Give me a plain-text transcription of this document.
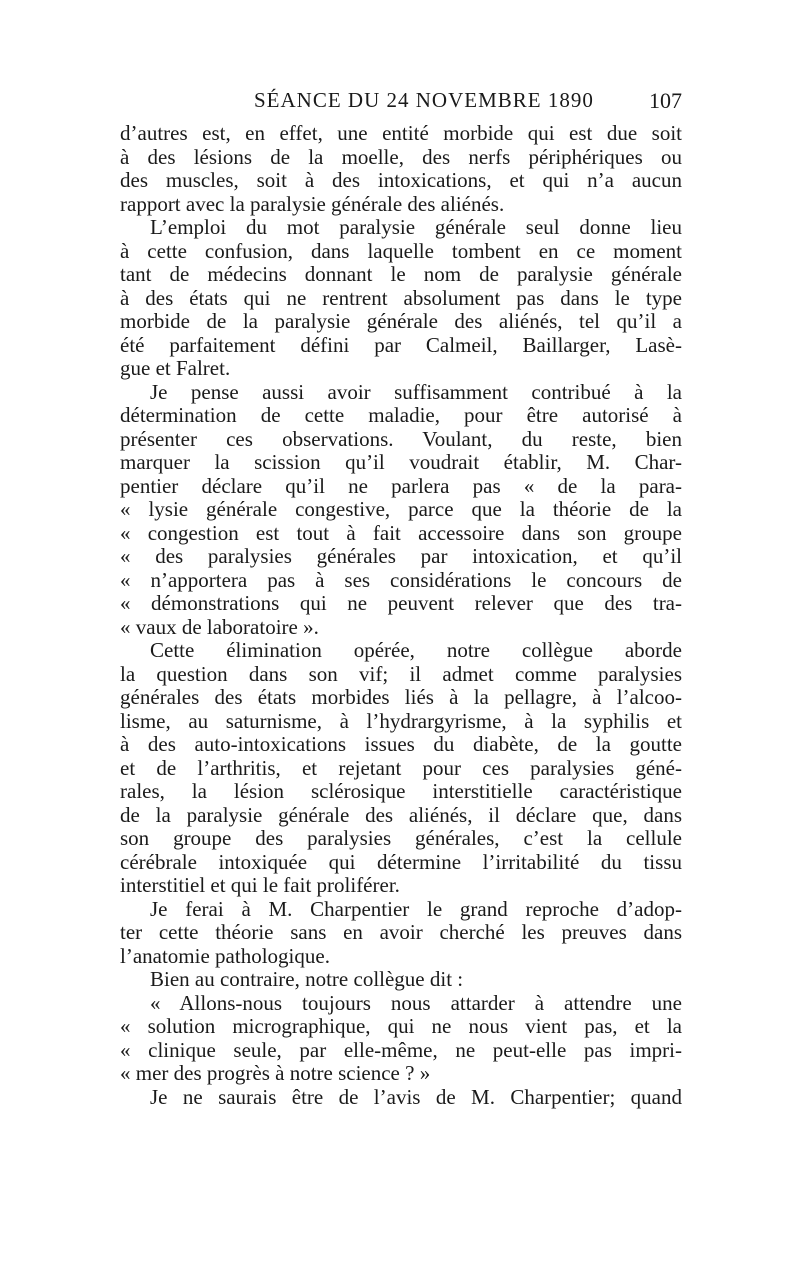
SÉANCE DU 24 NOVEMBRE 1890	107
d’autres est, en effet, une entité morbide qui est due soit
à des lésions de la moelle, des nerfs périphériques ou
des muscles, soit à des intoxications, et qui n’a aucun
rapport avec la paralysie générale des aliénés.
L’emploi du mot paralysie générale seul donne lieu
à cette confusion, dans laquelle tombent en ce moment
tant de médecins donnant le nom de paralysie générale
à des états qui ne rentrent absolument pas dans le type
morbide de la paralysie générale des aliénés, tel qu’il a
été parfaitement défini par Calmeil, Baillarger, Lasè-
gue et Falret.
Je pense aussi avoir suffisamment contribué à la
détermination de cette maladie, pour être autorisé à
présenter ces observations. Voulant, du reste, bien
marquer la scission qu’il voudrait établir, M. Char-
pentier déclare qu’il ne parlera pas « de la para-
« lysie générale congestive, parce que la théorie de la
« congestion est tout à fait accessoire dans son groupe
« des paralysies générales par intoxication, et qu’il
« n’apportera pas à ses considérations le concours de
« démonstrations qui ne peuvent relever que des tra-
« vaux de laboratoire ».
Cette élimination opérée, notre collègue aborde
la question dans son vif; il admet comme paralysies
générales des états morbides liés à la pellagre, à l’alcoo-
lisme, au saturnisme, à l’hydrargyrisme, à la syphilis et
à des auto-intoxications issues du diabète, de la goutte
et de l’arthritis, et rejetant pour ces paralysies géné-
rales, la lésion sclérosique interstitielle caractéristique
de la paralysie générale des aliénés, il déclare que, dans
son groupe des paralysies générales, c’est la cellule
cérébrale intoxiquée qui détermine l’irritabilité du tissu
interstitiel et qui le fait proliférer.
Je ferai à M. Charpentier le grand reproche d’adop-
ter cette théorie sans en avoir cherché les preuves dans
l’anatomie pathologique.
Bien au contraire, notre collègue dit :
« Allons-nous toujours nous attarder à attendre une
« solution micrographique, qui ne nous vient pas, et la
« clinique seule, par elle-même, ne peut-elle pas impri-
« mer des progrès à notre science ? »
Je ne saurais être de l’avis de M. Charpentier; quand
